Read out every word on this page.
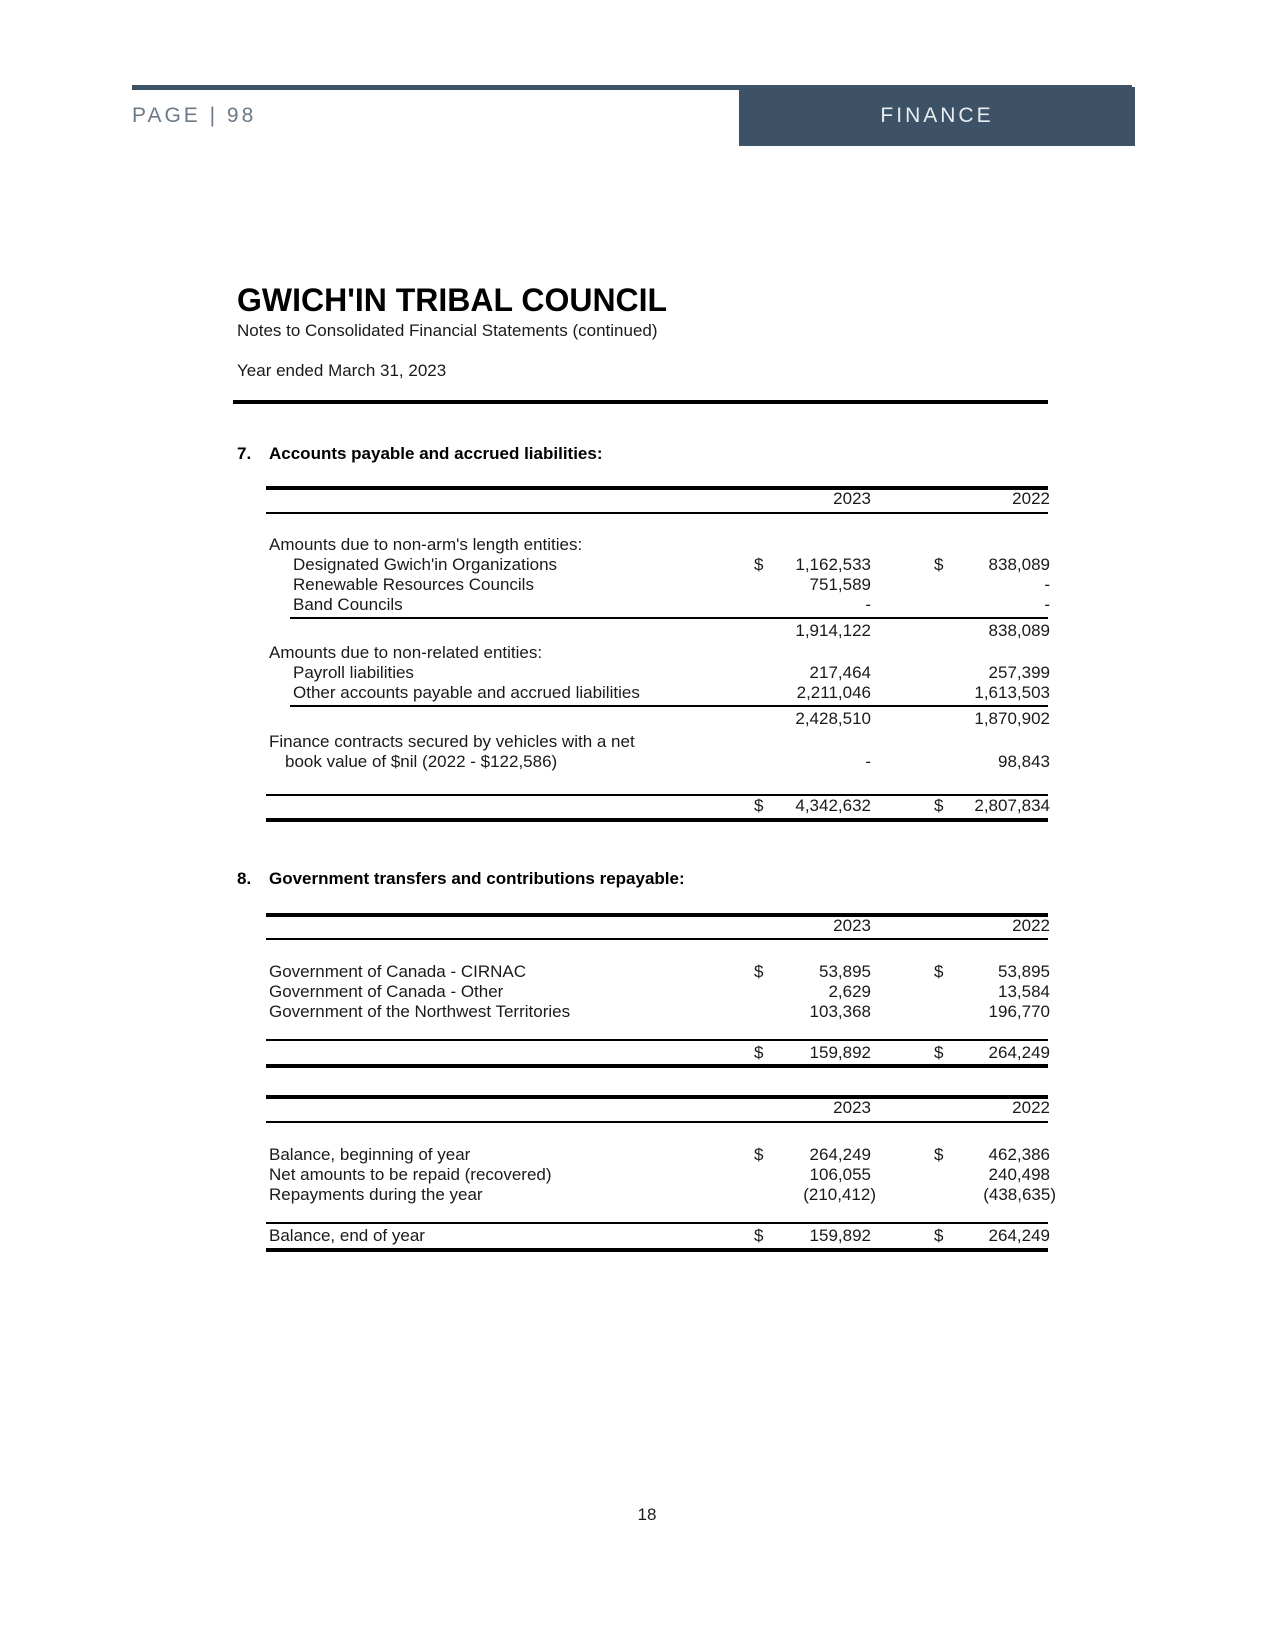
PAGE | 98	FINANCE
GWICH'IN TRIBAL COUNCIL
Notes to Consolidated Financial Statements (continued)
Year ended March 31, 2023
7. Accounts payable and accrued liabilities:
2023	2022
Amounts due to non-arm's length entities:
Designated Gwich'in Organizations	$	1,162,533	$	838,089
Renewable Resources Councils	751,589	-
Band Councils	-	-
1,914,122	838,089
Amounts due to non-related entities:
Payroll liabilities	217,464	257,399
Other accounts payable and accrued liabilities	2,211,046	1,613,503
2,428,510	1,870,902
Finance contracts secured by vehicles with a net
book value of $nil (2022 - $122,586)	-	98,843
$	4,342,632	$	2,807,834
8. Government transfers and contributions repayable:
2023	2022
Government of Canada - CIRNAC	$	53,895	$	53,895
Government of Canada - Other	2,629	13,584
Government of the Northwest Territories	103,368	196,770
$	159,892	$	264,249
2023	2022
Balance, beginning of year	$	264,249	$	462,386
Net amounts to be repaid (recovered)	106,055	240,498
Repayments during the year	(210,412)	(438,635)
Balance, end of year	$	159,892	$	264,249
18
